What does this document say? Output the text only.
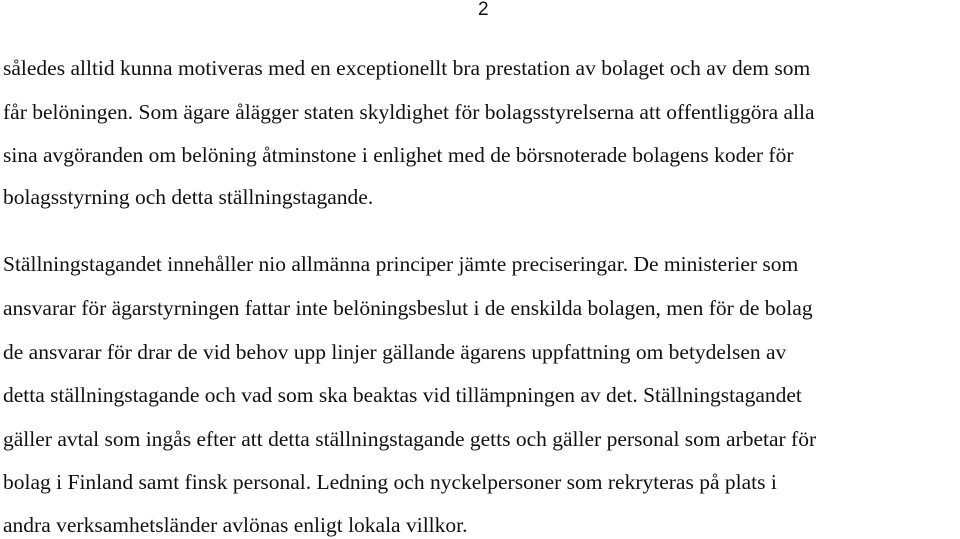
2

således alltid kunna motiveras med en exceptionellt bra prestation av bolaget och av dem som

får belöningen. Som ägare ålägger staten skyldighet för bolagsstyrelserna att offentliggöra alla

sina avgöranden om belöning åtminstone i enlighet med de börsnoterade bolagens koder för

bolagsstyrning och detta ställningstagande.

Ställningstagandet innehåller nio allmänna principer jämte preciseringar. De ministerier som

ansvarar för ägarstyrningen fattar inte belöningsbeslut i de enskilda bolagen, men för de bolag

de ansvarar för drar de vid behov upp linjer gällande ägarens uppfattning om betydelsen av

detta ställningstagande och vad som ska beaktas vid tillämpningen av det. Ställningstagandet

gäller avtal som ingås efter att detta ställningstagande getts och gäller personal som arbetar för

bolag i Finland samt finsk personal. Ledning och nyckelpersoner som rekryteras på plats i

andra verksamhetsländer avlönas enligt lokala villkor.
